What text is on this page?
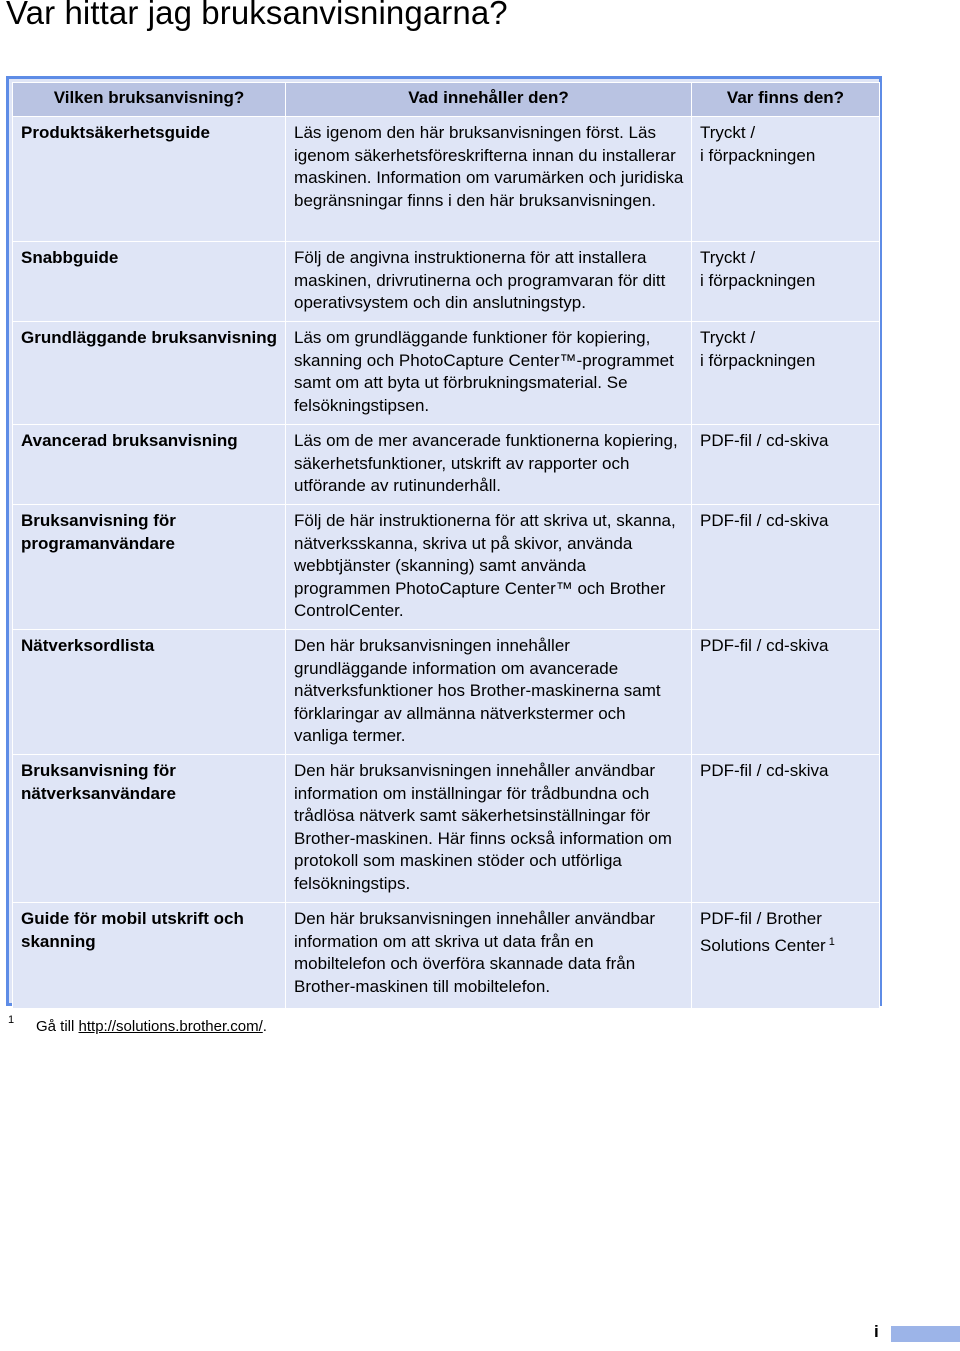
Var hittar jag bruksanvisningarna?
Vilken bruksanvisning?	Vad innehåller den?	Var finns den?
Produktsäkerhetsguide	Läs igenom den här bruksanvisningen först. Läs igenom säkerhetsföreskrifterna innan du installerar maskinen. Information om varumärken och juridiska begränsningar finns i den här bruksanvisningen.	Tryckt /
i förpackningen

Snabbguide	Följ de angivna instruktionerna för att installera maskinen, drivrutinerna och programvaran för ditt operativsystem och din anslutningstyp.	Tryckt /
i förpackningen

Grundläggande bruksanvisning	Läs om grundläggande funktioner för kopiering, skanning och PhotoCapture Center™-programmet samt om att byta ut förbrukningsmaterial. Se felsökningstipsen.	Tryckt /
i förpackningen

Avancerad bruksanvisning	Läs om de mer avancerade funktionerna kopiering, säkerhetsfunktioner, utskrift av rapporter och utförande av rutinunderhåll.	PDF-fil / cd-skiva

Bruksanvisning för programanvändare	Följ de här instruktionerna för att skriva ut, skanna, nätverksskanna, skriva ut på skivor, använda webbtjänster (skanning) samt använda programmen PhotoCapture Center™ och Brother ControlCenter.	PDF-fil / cd-skiva

Nätverksordlista	Den här bruksanvisningen innehåller grundläggande information om avancerade nätverksfunktioner hos Brother-maskinerna samt förklaringar av allmänna nätverkstermer och vanliga termer.	PDF-fil / cd-skiva

Bruksanvisning för nätverksanvändare	Den här bruksanvisningen innehåller användbar information om inställningar för trådbundna och trådlösa nätverk samt säkerhetsinställningar för Brother-maskinen. Här finns också information om protokoll som maskinen stöder och utförliga felsökningstips.	PDF-fil / cd-skiva

Guide för mobil utskrift och skanning	Den här bruksanvisningen innehåller användbar information om att skriva ut data från en mobiltelefon och överföra skannade data från Brother-maskinen till mobiltelefon.	PDF-fil / Brother
Solutions Center $^1$
1 Gå till http://solutions.brother.com/.
i
